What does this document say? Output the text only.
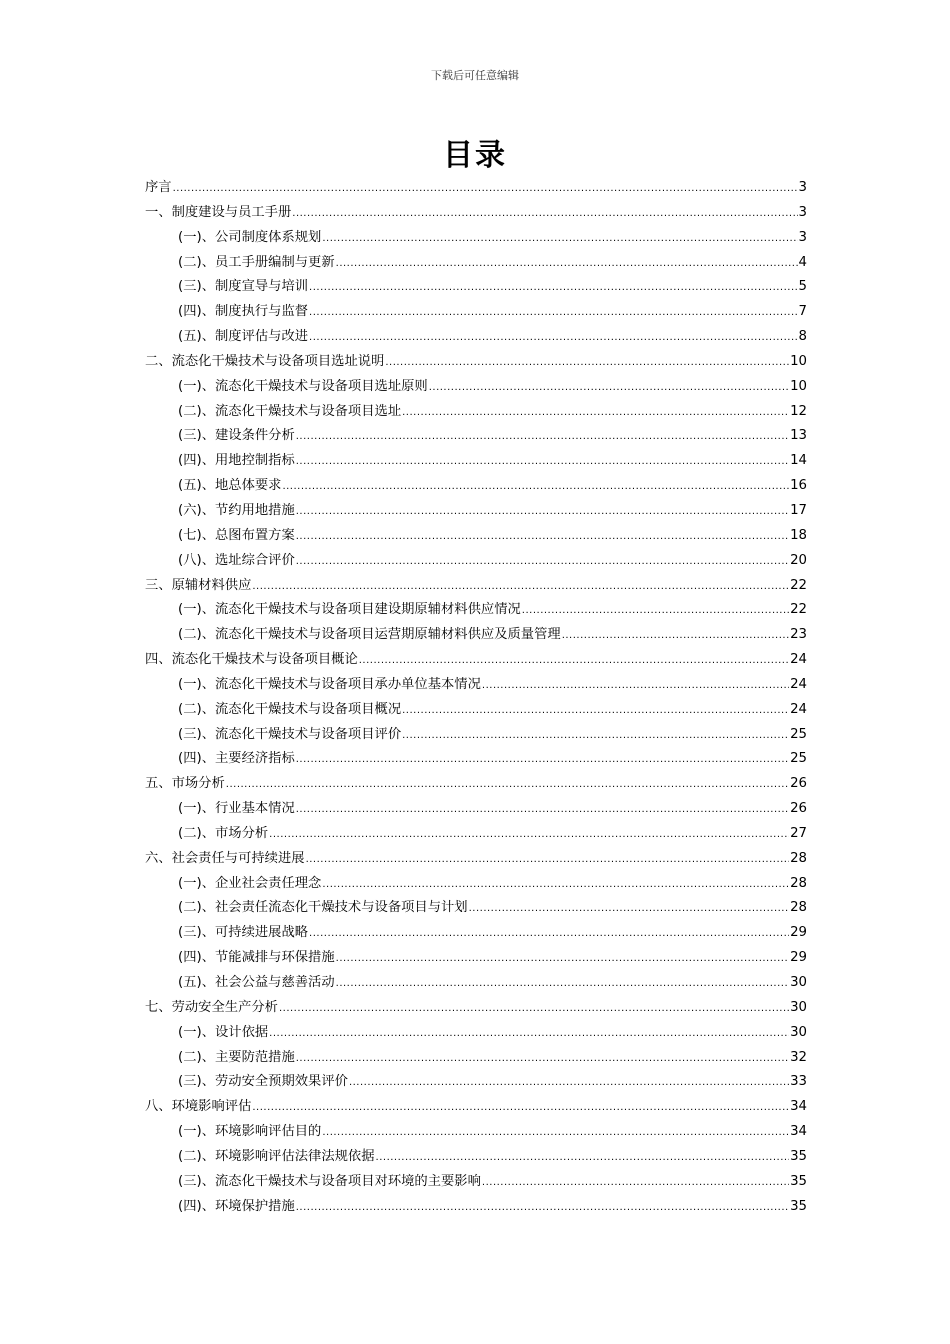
下载后可任意编辑
目录
序言 .....	3
一、制度建设与员工手册 .....	3
(一)、公司制度体系规划 .....	3
(二)、员工手册编制与更新 .....	4
(三)、制度宣导与培训 .....	5
(四)、制度执行与监督 .....	7
(五)、制度评估与改进 .....	8
二、流态化干燥技术与设备项目选址说明 .....	10
(一)、流态化干燥技术与设备项目选址原则 .....	10
(二)、流态化干燥技术与设备项目选址 .....	12
(三)、建设条件分析 .....	13
(四)、用地控制指标 .....	14
(五)、地总体要求 .....	16
(六)、节约用地措施 .....	17
(七)、总图布置方案 .....	18
(八)、选址综合评价 .....	20
三、原辅材料供应 .....	22
(一)、流态化干燥技术与设备项目建设期原辅材料供应情况 .....	22
(二)、流态化干燥技术与设备项目运营期原辅材料供应及质量管理 .....	23
四、流态化干燥技术与设备项目概论 .....	24
(一)、流态化干燥技术与设备项目承办单位基本情况 .....	24
(二)、流态化干燥技术与设备项目概况 .....	24
(三)、流态化干燥技术与设备项目评价 .....	25
(四)、主要经济指标 .....	25
五、市场分析 .....	26
(一)、行业基本情况 .....	26
(二)、市场分析 .....	27
六、社会责任与可持续进展 .....	28
(一)、企业社会责任理念 .....	28
(二)、社会责任流态化干燥技术与设备项目与计划 .....	28
(三)、可持续进展战略 .....	29
(四)、节能减排与环保措施 .....	29
(五)、社会公益与慈善活动 .....	30
七、劳动安全生产分析 .....	30
(一)、设计依据 .....	30
(二)、主要防范措施 .....	32
(三)、劳动安全预期效果评价 .....	33
八、环境影响评估 .....	34
(一)、环境影响评估目的 .....	34
(二)、环境影响评估法律法规依据 .....	35
(三)、流态化干燥技术与设备项目对环境的主要影响 .....	35
(四)、环境保护措施 .....	35
